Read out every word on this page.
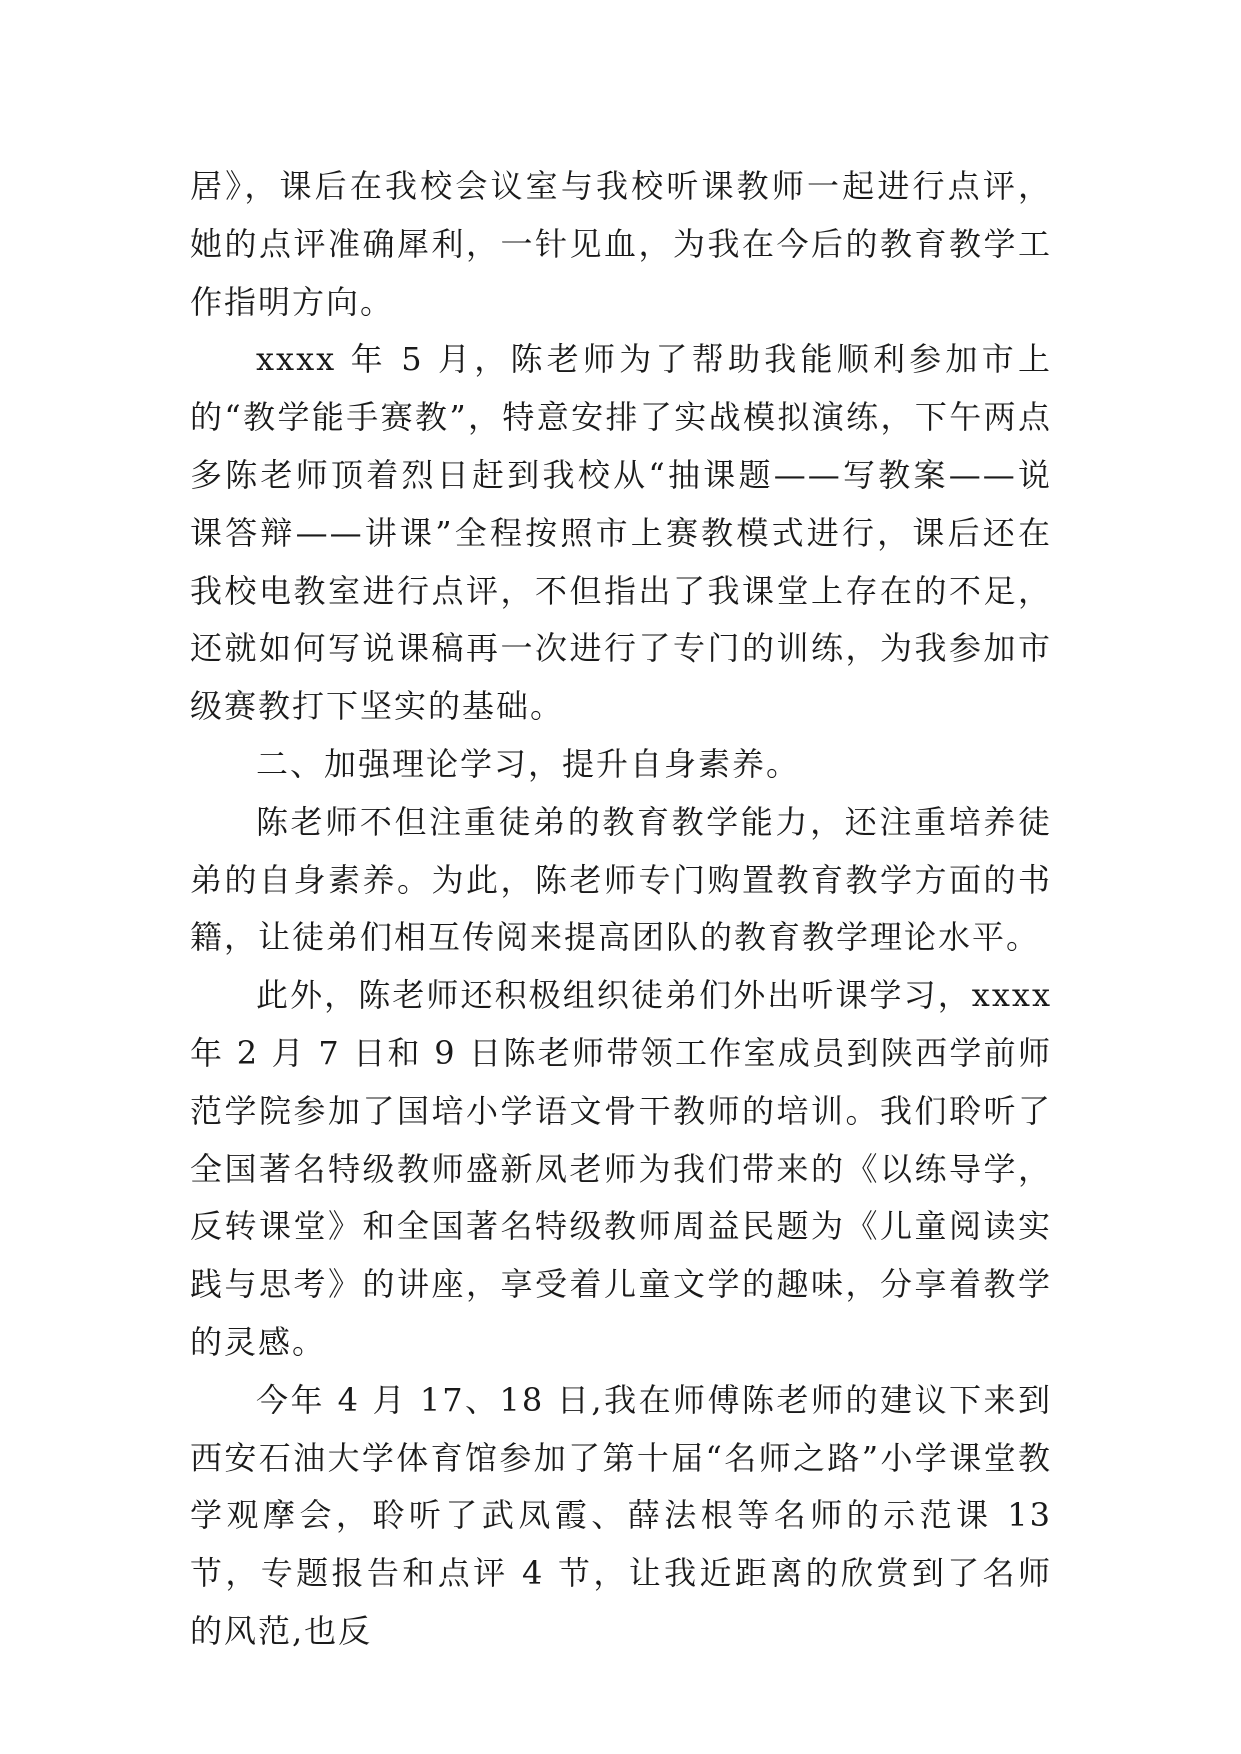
居》，课后在我校会议室与我校听课教师一起进行点评，她的点评准确犀利，一针见血，为我在今后的教育教学工作指明方向。

xxxx 年 5 月，陈老师为了帮助我能顺利参加市上的“教学能手赛教”，特意安排了实战模拟演练，下午两点多陈老师顶着烈日赶到我校从“抽课题——写教案——说课答辩——讲课”全程按照市上赛教模式进行，课后还在我校电教室进行点评，不但指出了我课堂上存在的不足，还就如何写说课稿再一次进行了专门的训练，为我参加市级赛教打下坚实的基础。

二、加强理论学习，提升自身素养。

陈老师不但注重徒弟的教育教学能力，还注重培养徒弟的自身素养。为此，陈老师专门购置教育教学方面的书籍，让徒弟们相互传阅来提高团队的教育教学理论水平。

此外，陈老师还积极组织徒弟们外出听课学习，xxxx 年 2 月 7 日和 9 日陈老师带领工作室成员到陕西学前师范学院参加了国培小学语文骨干教师的培训。我们聆听了全国著名特级教师盛新凤老师为我们带来的《以练导学，反转课堂》和全国著名特级教师周益民题为《儿童阅读实践与思考》的讲座，享受着儿童文学的趣味，分享着教学的灵感。

今年 4 月 17、18 日,我在师傅陈老师的建议下来到西安石油大学体育馆参加了第十届“名师之路”小学课堂教学观摩会，聆听了武凤霞、薛法根等名师的示范课 13 节，专题报告和点评 4 节，让我近距离的欣赏到了名师的风范,也反
